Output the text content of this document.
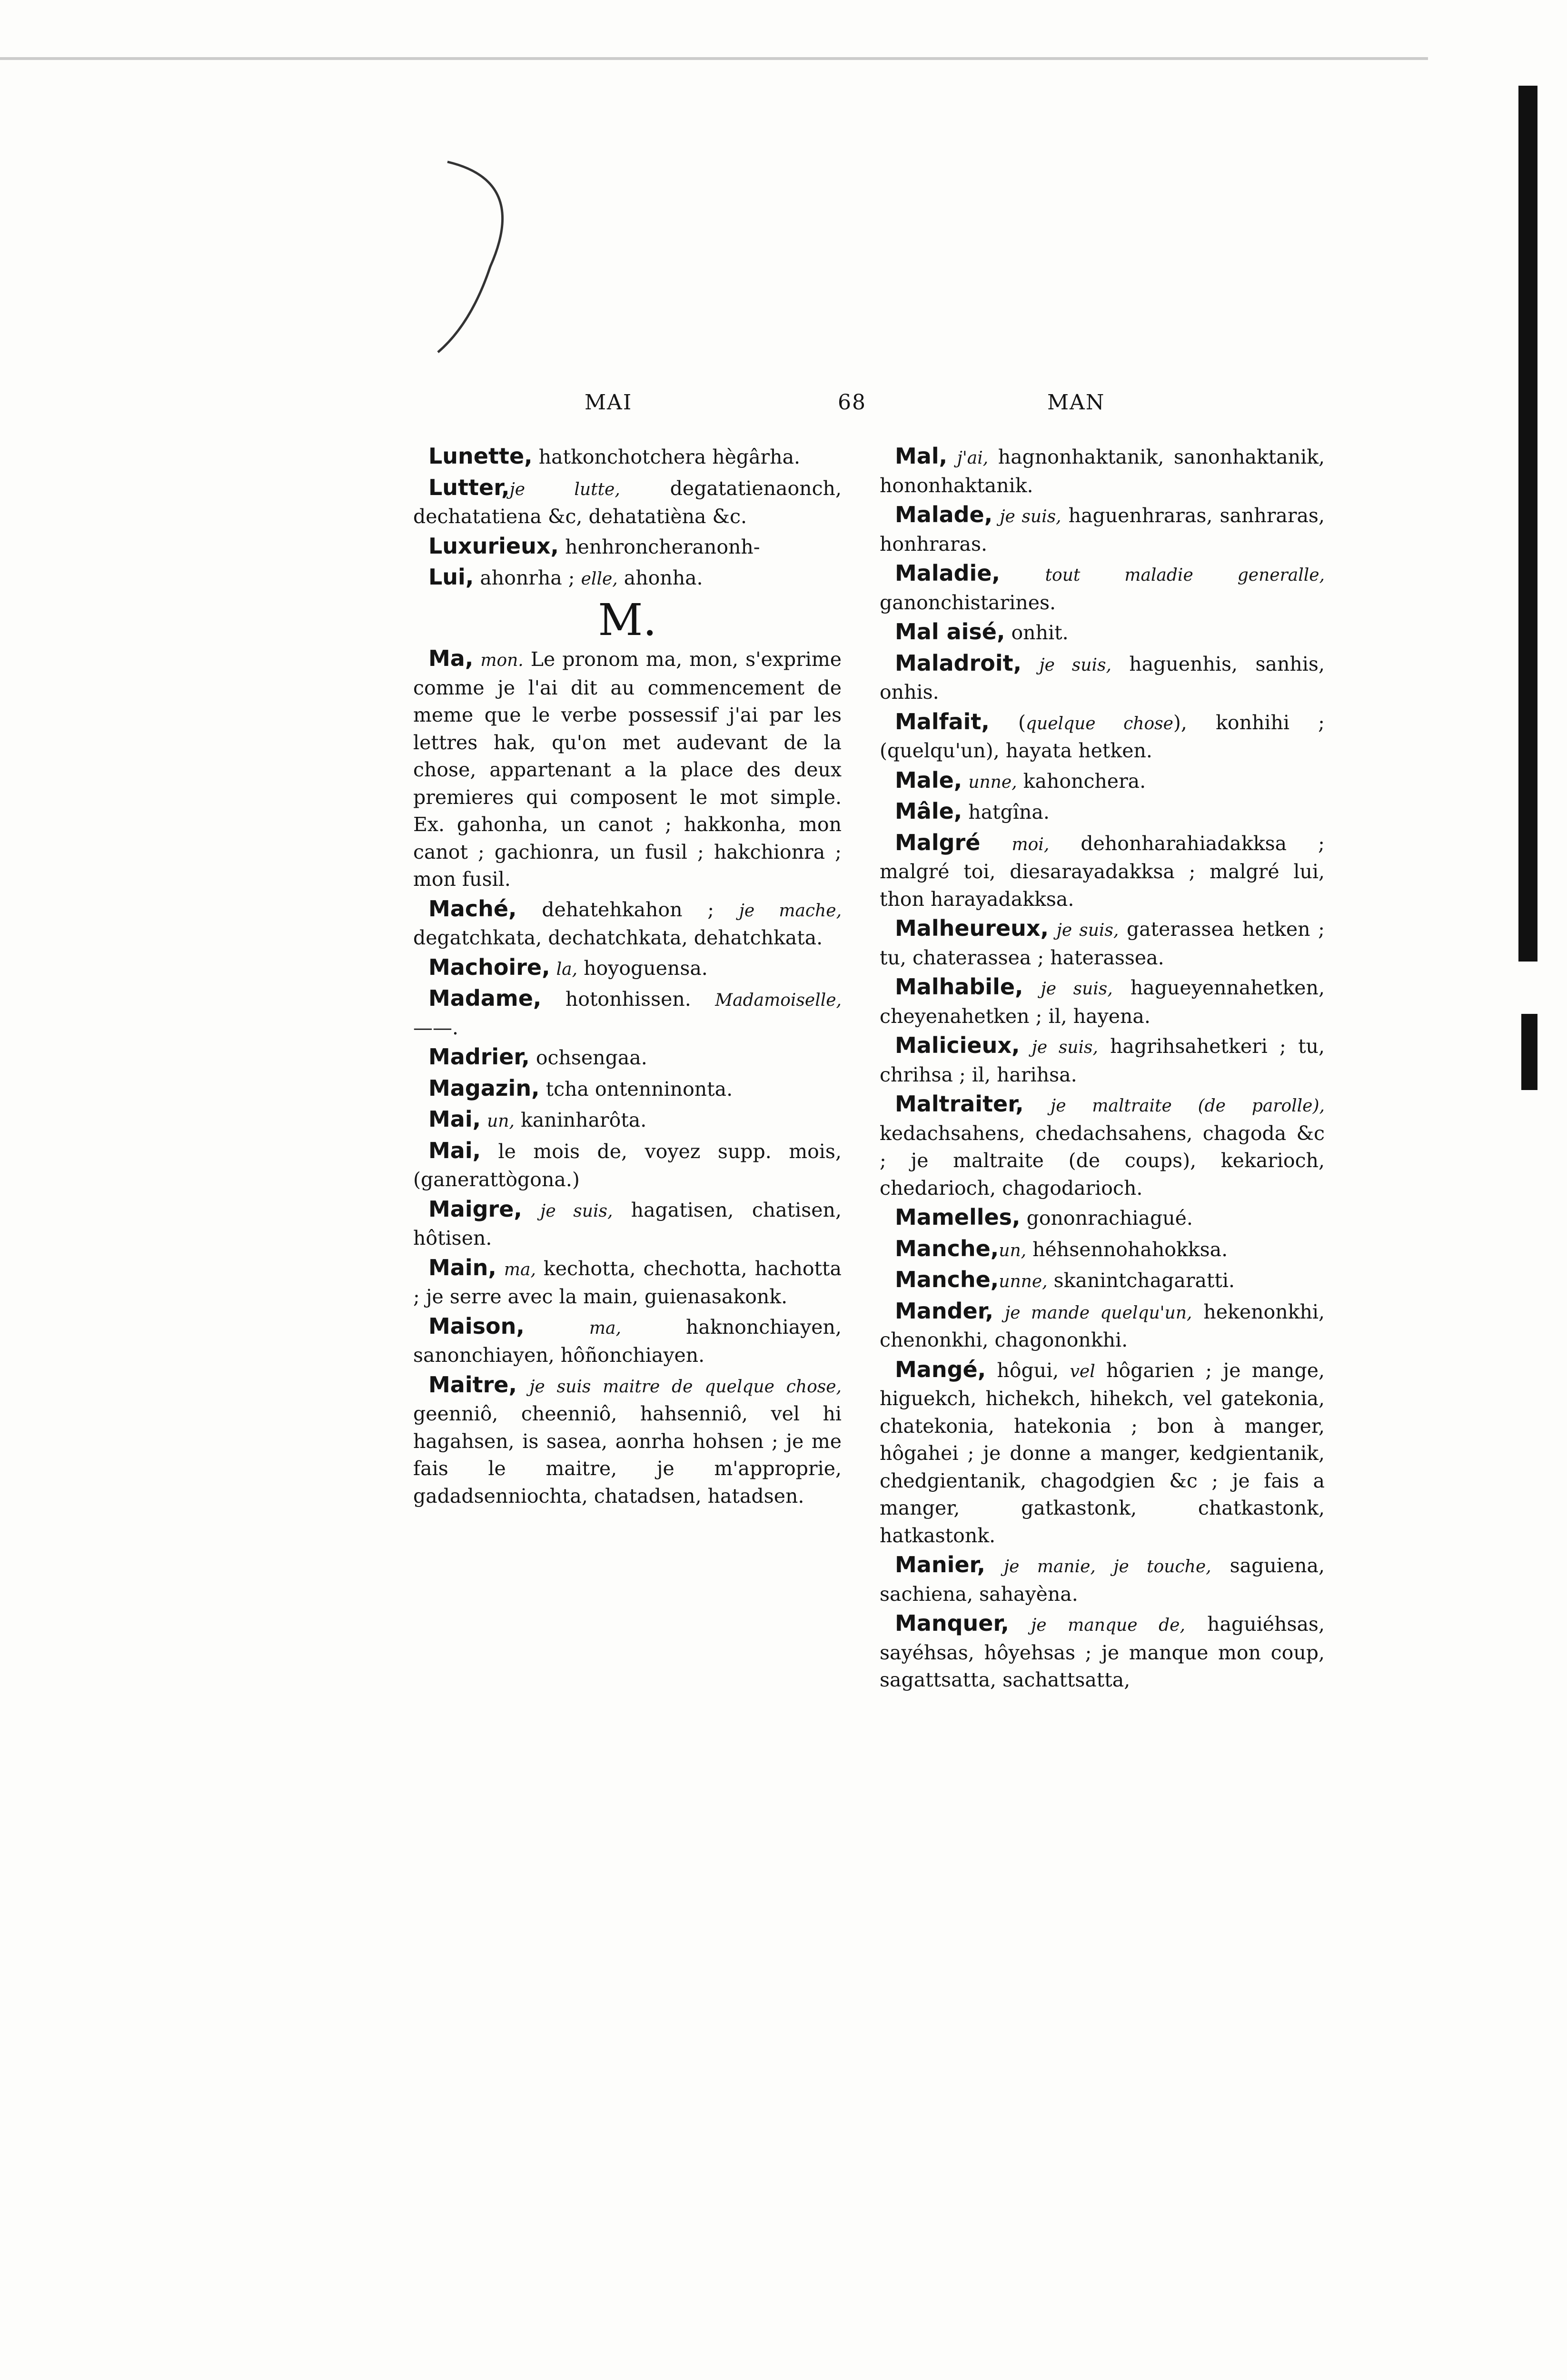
MAI	68	MAN

Lunette, hatkonchotchera hègârha.

Lutter,je lutte, degatatienaonch, dechatatiena &c, dehatatièna &c.

Luxurieux, henhroncheranonh-

Lui, ahonrha ; elle, ahonha.

M.

Ma, mon. Le pronom ma, mon, s'exprime comme je l'ai dit au commencement de meme que le verbe possessif j'ai par les lettres hak, qu'on met audevant de la chose, appartenant a la place des deux premieres qui composent le mot simple. Ex. gahonha, un canot ; hakkonha, mon canot ; gachionra, un fusil ; hakchionra ; mon fusil.

Maché, dehatehkahon ; je mache, degatchkata, dechatchkata, dehatchkata.

Machoire, la, hoyoguensa.

Madame, hotonhissen. Madamoiselle, ——.

Madrier, ochsengaa.

Magazin, tcha ontenninonta.

Mai, un, kaninharôta.

Mai, le mois de, voyez supp. mois, (ganerattògona.)

Maigre, je suis, hagatisen, chatisen, hôtisen.

Main, ma, kechotta, chechotta, hachotta ; je serre avec la main, guienasakonk.

Maison,	ma, haknonchiayen, sanonchiayen, hôñonchiayen.

Maitre, je suis maitre de quelque chose, geenniô, cheenniô, hahsenniô, vel hi hagahsen, is sasea, aonrha hohsen ; je me fais le maitre, je m'approprie, gadadsenniochta, chatadsen, hatadsen.

Mal, j'ai, hagnonhaktanik, sanonhaktanik, hononhaktanik.

Malade, je suis, haguenhraras, sanhraras, honhraras.

Maladie,	tout maladie generalle, ganonchistarines.

Mal aisé, onhit.

Maladroit, je suis, haguenhis, sanhis, onhis.

Malfait, (quelque chose), konhihi ; (quelqu'un), hayata hetken.

Male, unne, kahonchera.

Mâle, hatgîna.

Malgré moi, dehonharahiadakksa ; malgré toi, diesarayadakksa ; malgré lui, thon harayadakksa.

Malheureux, je suis, gaterassea hetken ; tu, chaterassea ; haterassea.

Malhabile, je suis, hagueyennahetken, cheyenahetken ; il, hayena.

Malicieux, je suis, hagrihsahetkeri ; tu, chrihsa ; il, harihsa.

Maltraiter, je maltraite (de parolle), kedachsahens, chedachsahens, chagoda &c ; je maltraite (de coups), kekarioch, chedarioch, chagodarioch.

Mamelles, gononrachiagué.

Manche,un, héhsennohahokksa.

Manche,unne, skanintchagaratti.

Mander, je mande quelqu'un, hekenonkhi, chenonkhi, chagononkhi.

Mangé, hôgui, vel hôgarien ; je mange, higuekch, hichekch, hihekch, vel gatekonia, chatekonia, hatekonia ; bon à manger, hôgahei ; je donne a manger, kedgientanik, chedgientanik, chagodgien &c ; je fais a manger, gatkastonk, chatkastonk, hatkastonk.

Manier, je manie, je touche, saguiena, sachiena, sahayèna.

Manquer, je manque de, haguiéhsas, sayéhsas, hôyehsas ; je manque mon coup, sagattsatta, sachattsatta,
